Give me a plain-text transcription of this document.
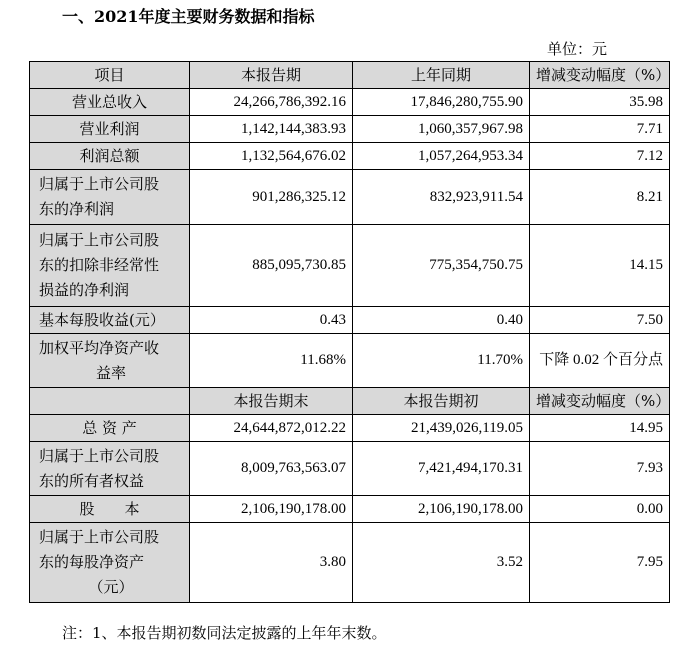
一、2021年度主要财务数据和指标
单位：元
项目	本报告期	上年同期	增减变动幅度（%）
营业总收入	24,266,786,392.16	17,846,280,755.90	35.98
营业利润	1,142,144,383.93	1,060,357,967.98	7.71
利润总额	1,132,564,676.02	1,057,264,953.34	7.12

归属于上市公司股
东的净利润	901,286,325.12	832,923,911.54	8.21

归属于上市公司股
东的扣除非经常性
损益的净利润	885,095,730.85	775,354,750.75	14.15
基本每股收益(元）	0.43	0.40	7.50

加权平均净资产收
益率	11.68%	11.70%	下降 0.02 个百分点
	本报告期末	本报告期初	增减变动幅度（%）
总 资 产	24,644,872,012.22	21,439,026,119.05	14.95

归属于上市公司股
东的所有者权益	8,009,763,563.07	7,421,494,170.31	7.93
股　　本	2,106,190,178.00	2,106,190,178.00	0.00

归属于上市公司股
东的每股净资产
（元）	3.80	3.52	7.95
注：1、本报告期初数同法定披露的上年年末数。
